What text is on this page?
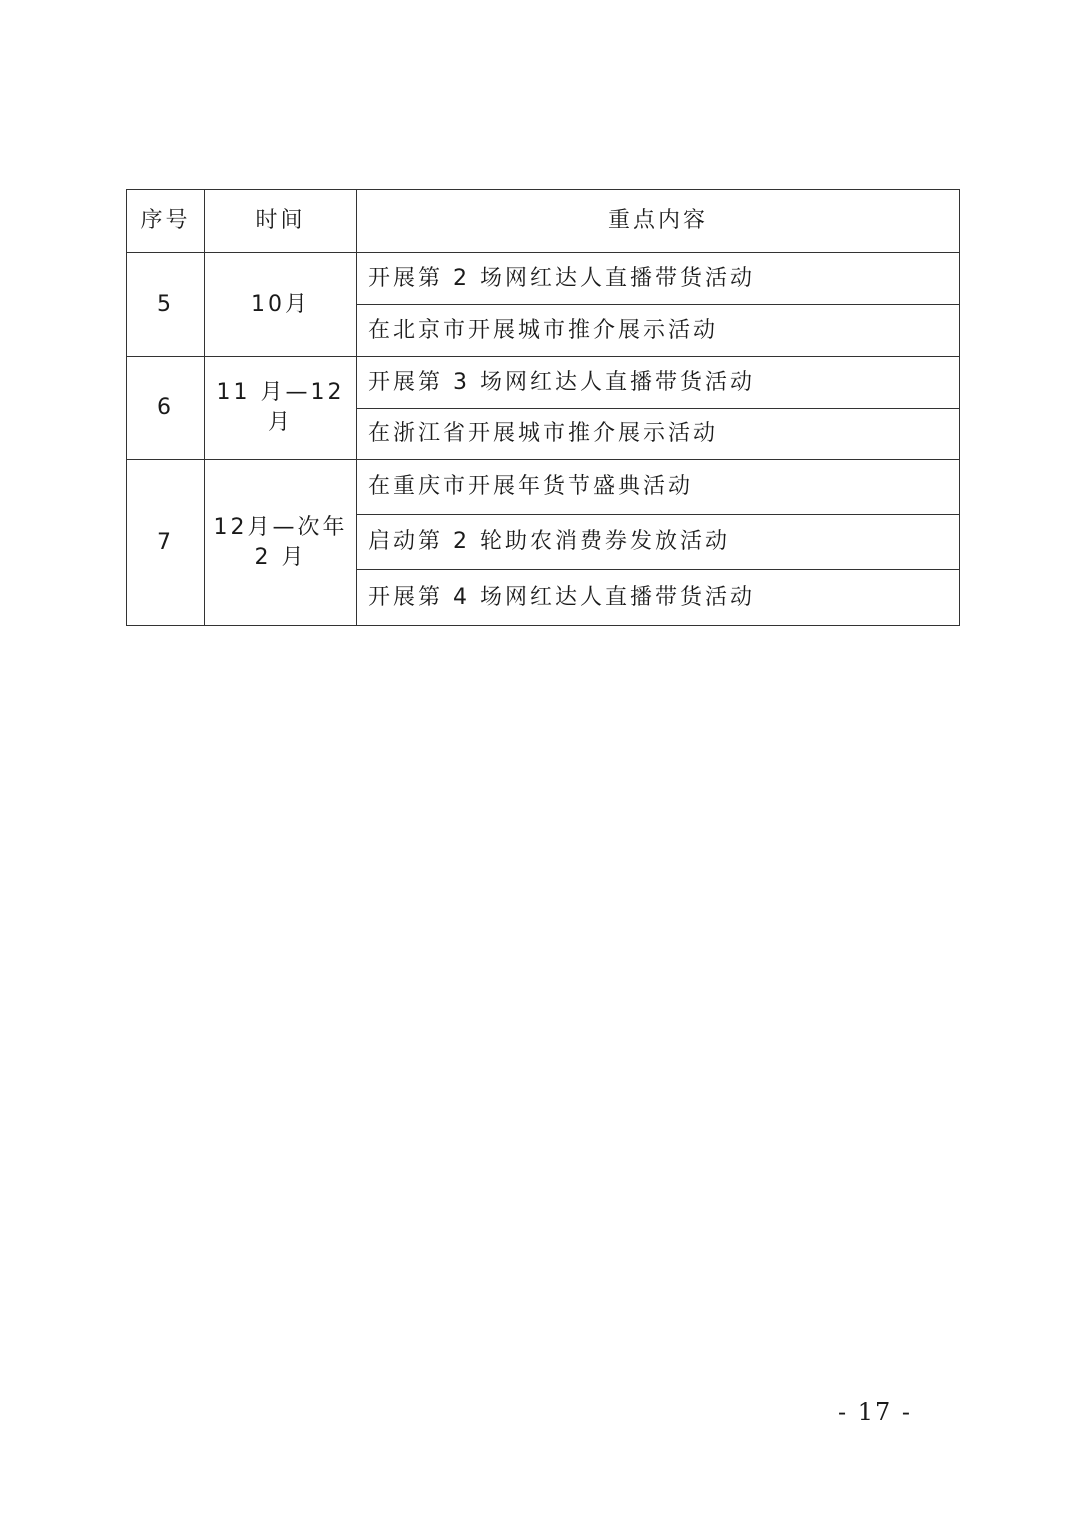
序号	时间	重点内容
5	10月	开展第 2 场网红达人直播带货活动
		在北京市开展城市推介展示活动
6	11 月—12 月	开展第 3 场网红达人直播带货活动
		在浙江省开展城市推介展示活动
7	12月—次年 2 月	在重庆市开展年货节盛典活动
		启动第 2 轮助农消费券发放活动
		开展第 4 场网红达人直播带货活动
- 17 -
